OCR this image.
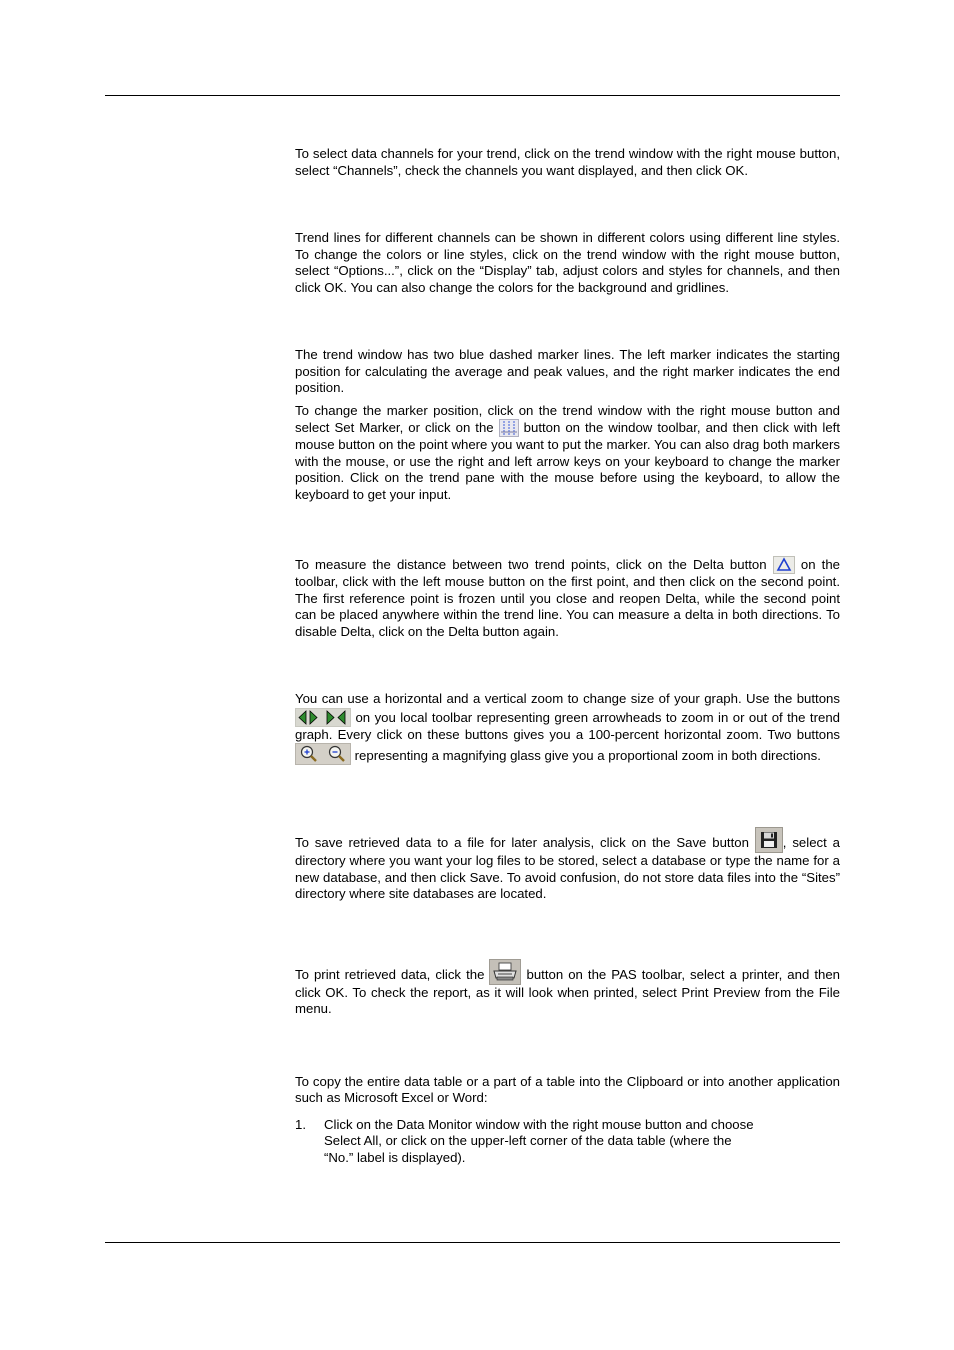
To select data channels for your trend, click on the trend window with the right mouse button, select “Channels”, check the channels you want displayed, and then click OK.

Trend lines for different channels can be shown in different colors using different line styles. To change the colors or line styles, click on the trend window with the right mouse button, select “Options...”, click on the “Display” tab, adjust colors and styles for channels, and then click OK. You can also change the colors for the background and gridlines.

The trend window has two blue dashed marker lines. The left marker indicates the starting position for calculating the average and peak values, and the right marker indicates the end position.

To change the marker position, click on the trend window with the right mouse button and select Set Marker, or click on the
button on the window toolbar, and then click with left mouse button on the point where you want to put the marker. You can also drag both markers with the mouse, or use the right and left arrow keys on your keyboard to change the marker position. Click on the trend pane with the mouse before using the keyboard, to allow the keyboard to get your input.

To measure the distance between two trend points, click on the Delta button
on the toolbar, click with the left mouse button on the first point, and then click on the second point. The first reference point is frozen until you close and reopen Delta, while the second point can be placed anywhere within the trend line. You can measure a delta in both directions. To disable Delta, click on the Delta button again.

You can use a horizontal and a vertical zoom to change size of your graph. Use the buttons
on you local toolbar representing green arrowheads to zoom in or out of the trend graph. Every click on these buttons gives you a 100-percent horizontal zoom. Two buttons
representing a magnifying glass give you a proportional zoom in both directions.

To save retrieved data to a file for later analysis, click on the Save button
, select a directory where you want your log files to be stored, select a database or type the name for a new database, and then click Save. To avoid confusion, do not store data files into the “Sites” directory where site databases are located.

To print retrieved data, click the
button on the PAS toolbar, select a printer, and then click OK. To check the report, as it will look when printed, select Print Preview from the File menu.

To copy the entire data table or a part of a table into the Clipboard or into another application such as Microsoft Excel or Word:

1.	Click on the Data Monitor window with the right mouse button and choose Select All, or click on the upper-left corner of the data table (where the “No.” label is displayed).
